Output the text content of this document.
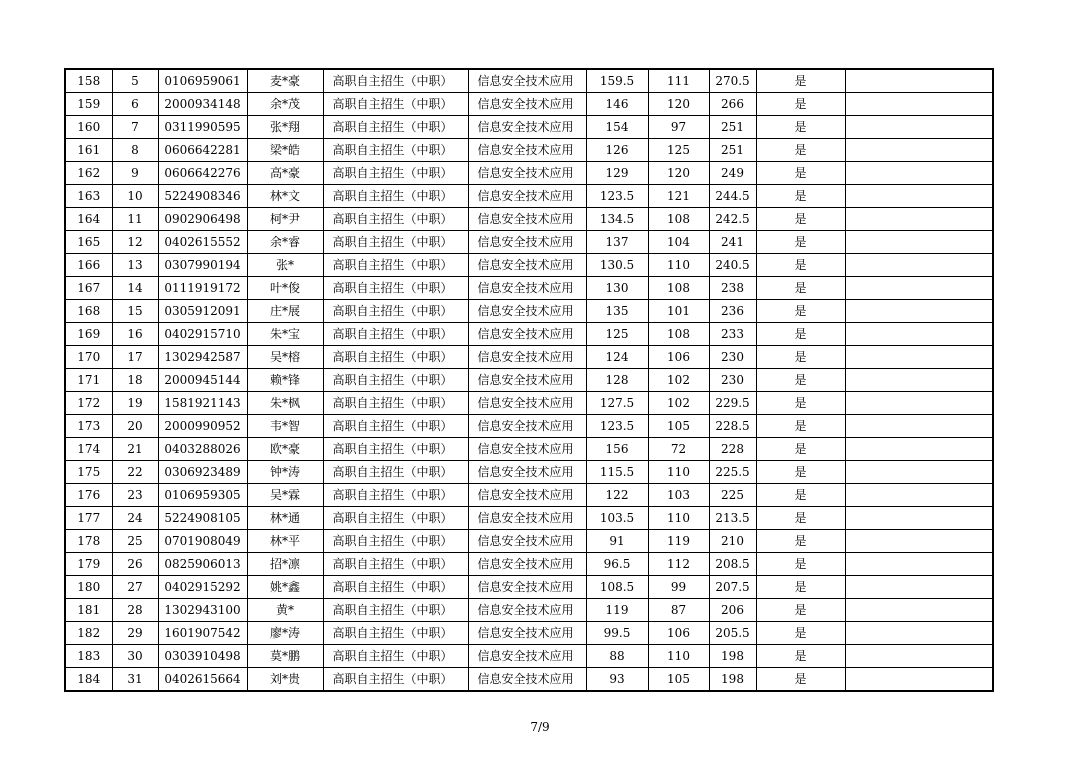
158	5	0106959061	麦*豪	高职自主招生（中职）	信息安全技术应用	159.5	111	270.5	是	
159	6	2000934148	余*茂	高职自主招生（中职）	信息安全技术应用	146	120	266	是	
160	7	0311990595	张*翔	高职自主招生（中职）	信息安全技术应用	154	97	251	是	
161	8	0606642281	梁*皓	高职自主招生（中职）	信息安全技术应用	126	125	251	是	
162	9	0606642276	高*豪	高职自主招生（中职）	信息安全技术应用	129	120	249	是	
163	10	5224908346	林*文	高职自主招生（中职）	信息安全技术应用	123.5	121	244.5	是	
164	11	0902906498	柯*尹	高职自主招生（中职）	信息安全技术应用	134.5	108	242.5	是	
165	12	0402615552	余*睿	高职自主招生（中职）	信息安全技术应用	137	104	241	是	
166	13	0307990194	张*	高职自主招生（中职）	信息安全技术应用	130.5	110	240.5	是	
167	14	0111919172	叶*俊	高职自主招生（中职）	信息安全技术应用	130	108	238	是	
168	15	0305912091	庄*展	高职自主招生（中职）	信息安全技术应用	135	101	236	是	
169	16	0402915710	朱*宝	高职自主招生（中职）	信息安全技术应用	125	108	233	是	
170	17	1302942587	吴*榕	高职自主招生（中职）	信息安全技术应用	124	106	230	是	
171	18	2000945144	赖*锋	高职自主招生（中职）	信息安全技术应用	128	102	230	是	
172	19	1581921143	朱*枫	高职自主招生（中职）	信息安全技术应用	127.5	102	229.5	是	
173	20	2000990952	韦*智	高职自主招生（中职）	信息安全技术应用	123.5	105	228.5	是	
174	21	0403288026	欧*豪	高职自主招生（中职）	信息安全技术应用	156	72	228	是	
175	22	0306923489	钟*涛	高职自主招生（中职）	信息安全技术应用	115.5	110	225.5	是	
176	23	0106959305	吴*霖	高职自主招生（中职）	信息安全技术应用	122	103	225	是	
177	24	5224908105	林*通	高职自主招生（中职）	信息安全技术应用	103.5	110	213.5	是	
178	25	0701908049	林*平	高职自主招生（中职）	信息安全技术应用	91	119	210	是	
179	26	0825906013	招*凛	高职自主招生（中职）	信息安全技术应用	96.5	112	208.5	是	
180	27	0402915292	姚*鑫	高职自主招生（中职）	信息安全技术应用	108.5	99	207.5	是	
181	28	1302943100	黄*	高职自主招生（中职）	信息安全技术应用	119	87	206	是	
182	29	1601907542	廖*涛	高职自主招生（中职）	信息安全技术应用	99.5	106	205.5	是	
183	30	0303910498	莫*鹏	高职自主招生（中职）	信息安全技术应用	88	110	198	是	
184	31	0402615664	刘*贵	高职自主招生（中职）	信息安全技术应用	93	105	198	是	
7/9
